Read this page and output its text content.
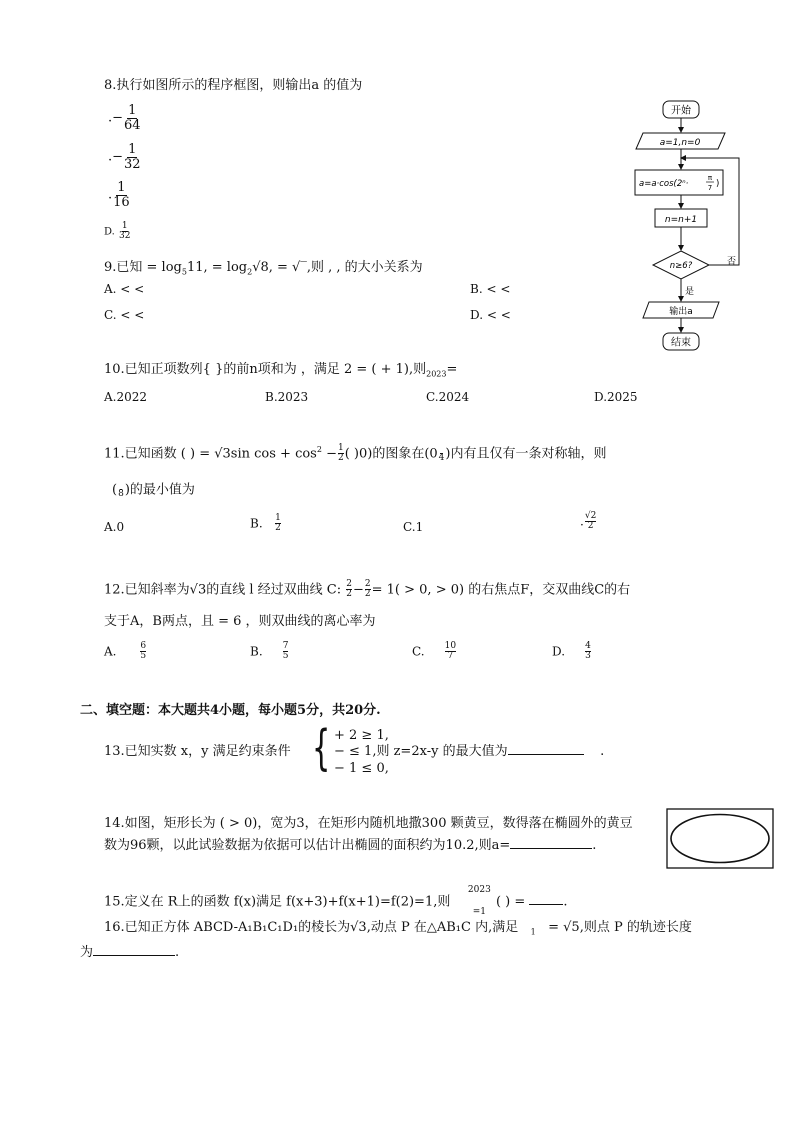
8.执行如图所示的程序框图，则输出a 的值为
.− $\frac{1}{64}$
.− $\frac{1}{32}$
. $\frac{1}{16}$
D. $\frac{1}{32}$
开始
a=1,n=0
a=a·cos(2ⁿ·
π
7 )
n=n+1
n≥6?	否
是
输出a
结束
9.已知 = $\log_511$, = $\log_2√8$, = √‾,则 , , 的大小关系为
A. < <	B. < <
C. < <	D. < <
10.已知正项数列{ }的前n项和为 ，满足 2 = ( + 1),则$_{2023}$=
A.2022	B.2023	C.2024	D.2025
11.已知函数 ( ) = √3sin $\cos + \cos^2 - \frac{1}{2}$ ( )0)的图象在(0
4 )内有且仅有一条对称轴，则
(
8 )的最小值为
A.0	B. $\frac{1}{2}$	C.1	. $\frac{√2}{2}$
12.已知斜率为√3的直线 l 经过双曲线 C: $\frac{2}{2} - \frac{2}{2} = 1( > 0$, > 0) 的右焦点F，交双曲线C的右
支于A，B两点，且 = 6 ，则双曲线的离心率为
A.	$\frac{6}{5}$	B. $\frac{7}{5}$	C. $\frac{10}{7}$	D. $\frac{4}{3}$
二、填空题：本大题共4小题，每小题5分，共20分.
13.已知实数 x，y 满足约束条件 { + 2 ≥ 1,
− ≤ 1,则 z=2x-y 的最大值为	.
− 1 ≤ 0,
14.如图，矩形长为 ( > 0)，宽为3，在矩形内随机地撒300 颗黄豆，数得落在椭圆外的黄豆
数为96颗，以此试验数据为依据可以估计出椭圆的面积约为10.2,则a=	.
15.定义在 R上的函数 f(x)满足 f(x+3)+f(x+1)=f(2)=1,则
2023

=1
( ) =	.
16.已知正方体 ABCD-A₁B₁C₁D₁的棱长为√3,动点 P 在△AB₁C 内,满足 $_1$ = √5,则点 P 的轨迹长度
为	.
